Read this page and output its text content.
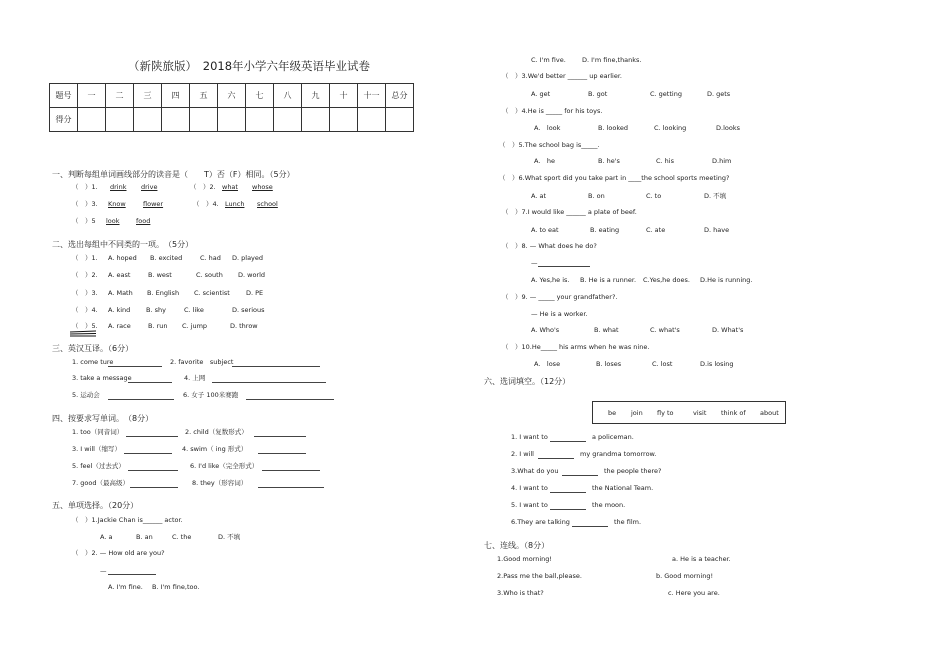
（新陕旅版）　2018年小学六年级英语毕业试卷
题号	一	二	三	四	五	六	七	八	九	十	十一	总分
得分												
一、判断每组单词画线部分的读音是（　　T）否（F）相同。（5分）
（　）1. drink drive	（　）2. what whose
（　）3. Know	flower	（　）4. Lunch school
（　）5 look	food
二、选出每组中不同类的一项。　（5分）
（　）1. A. hoped B. excited	C. had D. played
（　）2. A. east	B. west	C. south D. world
（　）3. A. Math B. English C. scientist D. PE
（　）4. A. kind B. shy	C. like	D. serious
（　）5. A. race	B. run C. jump	D. throw
三、英汉互译。（6分）
1. come ture	2. favorite　subject
3. take a message	4. 上网
5. 运动会	6. 女子 100米赛跑
四、按要求写单词。　（8分）
1. too（同音词）	2. child（复数形式）
3. I will（缩写）	4. swim（ ing 形式）
5. feel（过去式）	6. I'd like（完全形式）
7. good（最高级）	8. they（形容词）
五、单项选择。（20分）
（　）1.Jackie Chan is______ actor.
A. a	B. an	C. the	D. 不填
（　）2. — How old are you?
—
A. I'm fine. B. I'm fine,too.
C. I'm five. D. I'm fine,thanks.
（　）3.We'd better ______ up earlier.
A. get	B. got	C. getting	D. gets
（　）4.He is _____ for his toys.
A.　look	B. looked	C. looking	D.looks
（　）5.The school bag is_____.
A.　he	B. he's	C. his	D.him
（　）6.What sport did you take part in ____the school sports meeting?
A. at	B. on	C. to	D. 不填
（　）7.I would like ______ a plate of beef.
A. to eat	B. eating	C. ate	D. have
（　）8. — What does he do?
—
A. Yes,he is. B. He is a runner. C.Yes,he does. D.He is running.
（　）9. — _____ your grandfather?.
— He is a worker.
A. Who's	B. what	C. what's	D. What's
（　）10.He_____ his arms when he was nine.
A.　lose	B. loses	C. lost	D.is losing
六、选词填空。（12分）
be join fly to	visit think of about
1. I want to	a policeman.
2. I will	my grandma tomorrow.
3.What do you	the people there?
4. I want to	the National Team.
5. I want to	the moon.
6.They are talking	the film.
七、连线。（8分）
1.Good morning!	a. He is a teacher.
2.Pass me the ball,please.	b. Good morning!
3.Who is that?	c. Here you are.
